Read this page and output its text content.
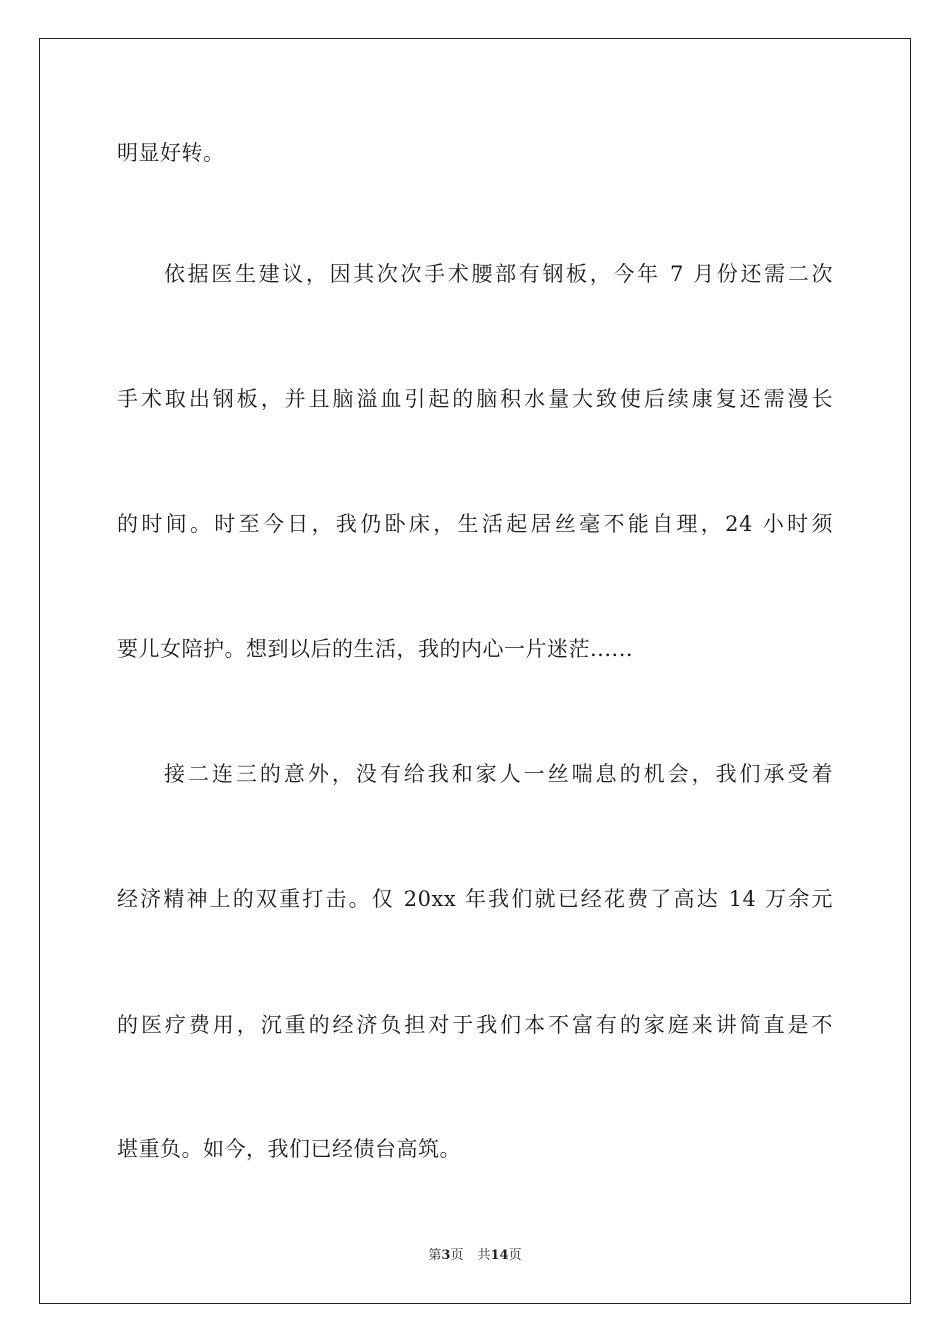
明显好转。
依据医生建议，因其次次手术腰部有钢板，今年 7 月份还需二次
手术取出钢板，并且脑溢血引起的脑积水量大致使后续康复还需漫长
的时间。时至今日，我仍卧床，生活起居丝毫不能自理，24 小时须
要儿女陪护。想到以后的生活，我的内心一片迷茫......
接二连三的意外，没有给我和家人一丝喘息的机会，我们承受着
经济精神上的双重打击。仅 20xx 年我们就已经花费了高达 14 万余元
的医疗费用，沉重的经济负担对于我们本不富有的家庭来讲简直是不
堪重负。如今，我们已经债台高筑。
第3页 共14页
